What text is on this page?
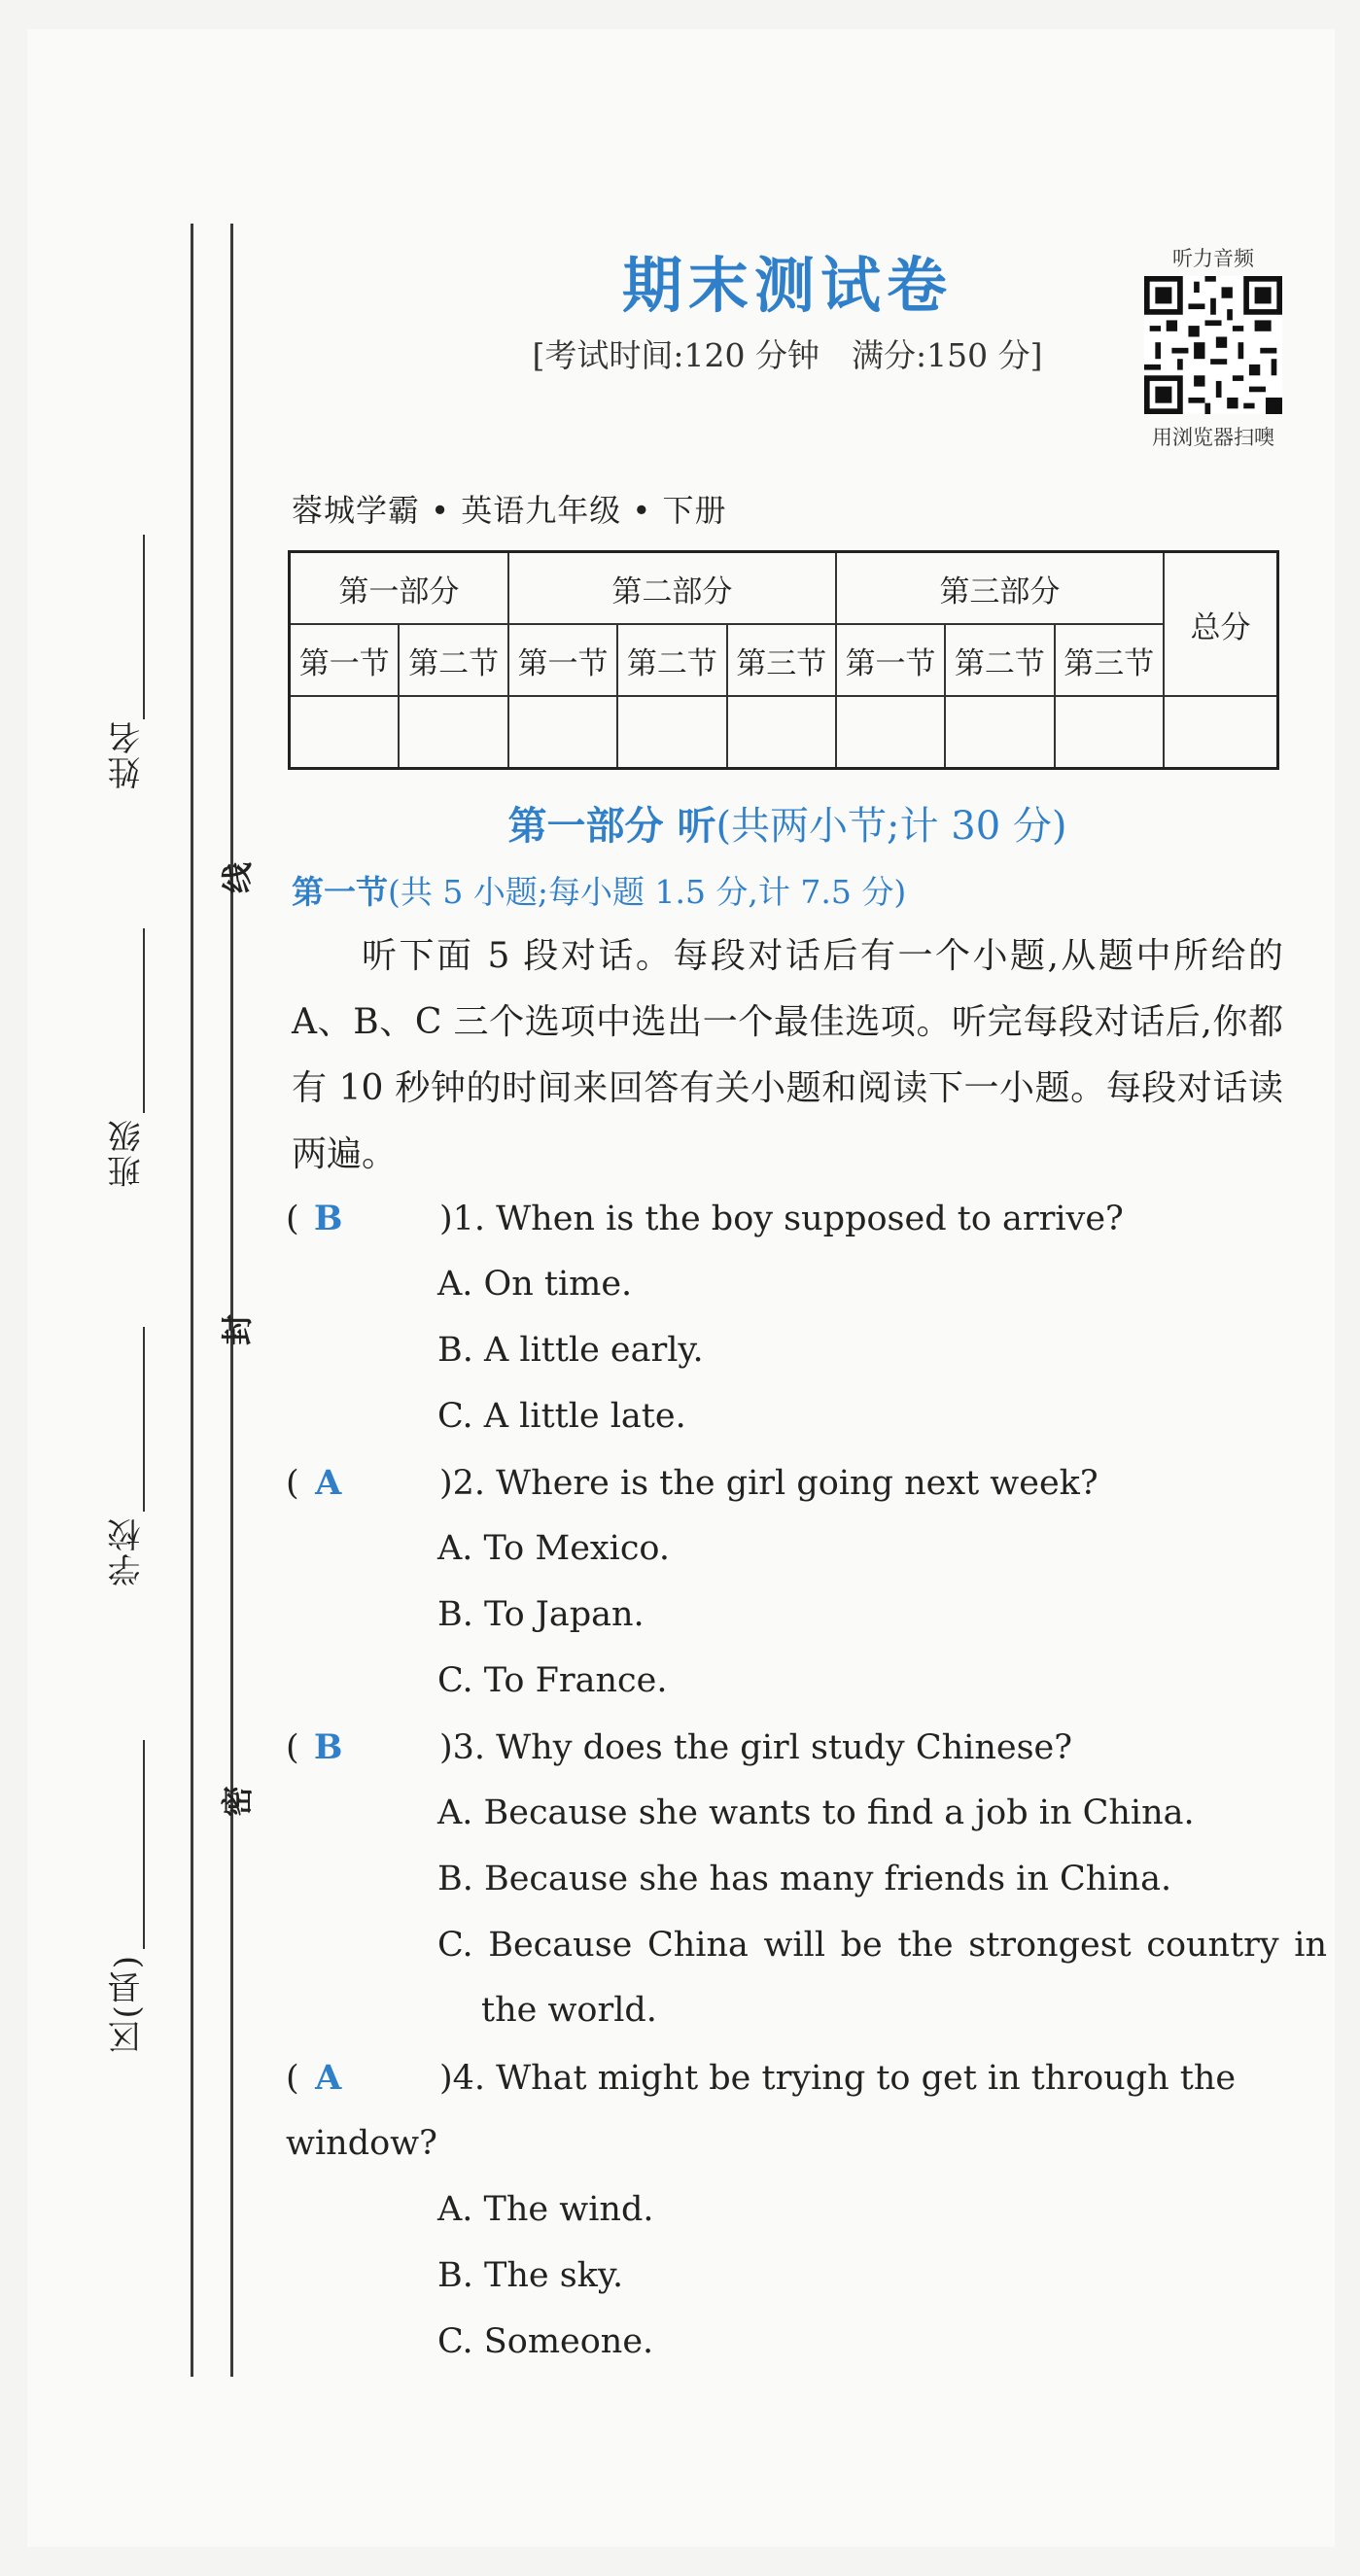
姓名
班级
学校
区(县)
线
封
密
期末测试卷
[考试时间:120 分钟　满分:150 分]
听力音频
用浏览器扫噢
蓉城学霸 • 英语九年级 • 下册
第一部分		第二部分			第三部分			总分
第一节	第二节	第一节	第二节	第三节	第一节	第二节	第三节	

第一部分 听(共两小节;计 30 分)
第一节(共 5 小题;每小题 1.5 分,计 7.5 分)
听下面 5 段对话。每段对话后有一个小题,从题中所给的 A、B、C 三个选项中选出一个最佳选项。听完每段对话后,你都有 10 秒钟的时间来回答有关小题和阅读下一小题。每段对话读两遍。
( B	)1. When is the boy supposed to arrive?
A. On time.
B. A little early.
C. A little late.
( A	)2. Where is the girl going next week?
A. To Mexico.
B. To Japan.
C. To France.
( B	)3. Why does the girl study Chinese?
A. Because she wants to find a job in China.
B. Because she has many friends in China.
C. Because China will be the strongest country in the world.
( A	)4. What might be trying to get in through the window?
A. The wind.
B. The sky.
C. Someone.
